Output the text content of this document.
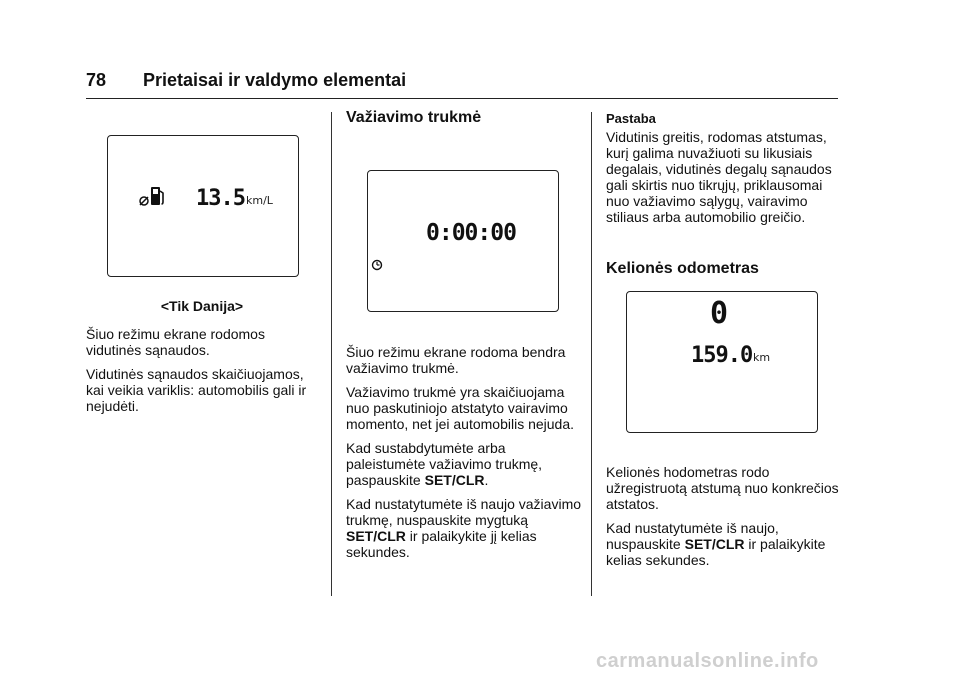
78 Prietaisai ir valdymo elementai
13.5 km/L
<Tik Danija>

Šiuo režimu ekrane rodomos vidutinės sąnaudos.

Vidutinės sąnaudos skaičiuojamos, kai veikia variklis: automobilis gali ir nejudėti.

Važiavimo trukmė
0:00:00

Šiuo režimu ekrane rodoma bendra važiavimo trukmė.

Važiavimo trukmė yra skaičiuojama nuo paskutiniojo atstatyto vairavimo momento, net jei automobilis nejuda.

Kad sustabdytumėte arba paleistumėte važiavimo trukmę, paspauskite SET/CLR.

Kad nustatytumėte iš naujo važiavimo trukmę, nuspauskite mygtuką SET/CLR ir palaikykite jį kelias sekundes.

Pastaba

Vidutinis greitis, rodomas atstumas, kurį galima nuvažiuoti su likusiais degalais, vidutinės degalų sąnaudos gali skirtis nuo tikrųjų, priklausomai nuo važiavimo sąlygų, vairavimo stiliaus arba automobilio greičio.

Kelionės odometras
0
159.0 km

Kelionės hodometras rodo užregistruotą atstumą nuo konkrečios atstatos.

Kad nustatytumėte iš naujo, nuspauskite SET/CLR ir palaikykite kelias sekundes.

carmanualsonline.info
